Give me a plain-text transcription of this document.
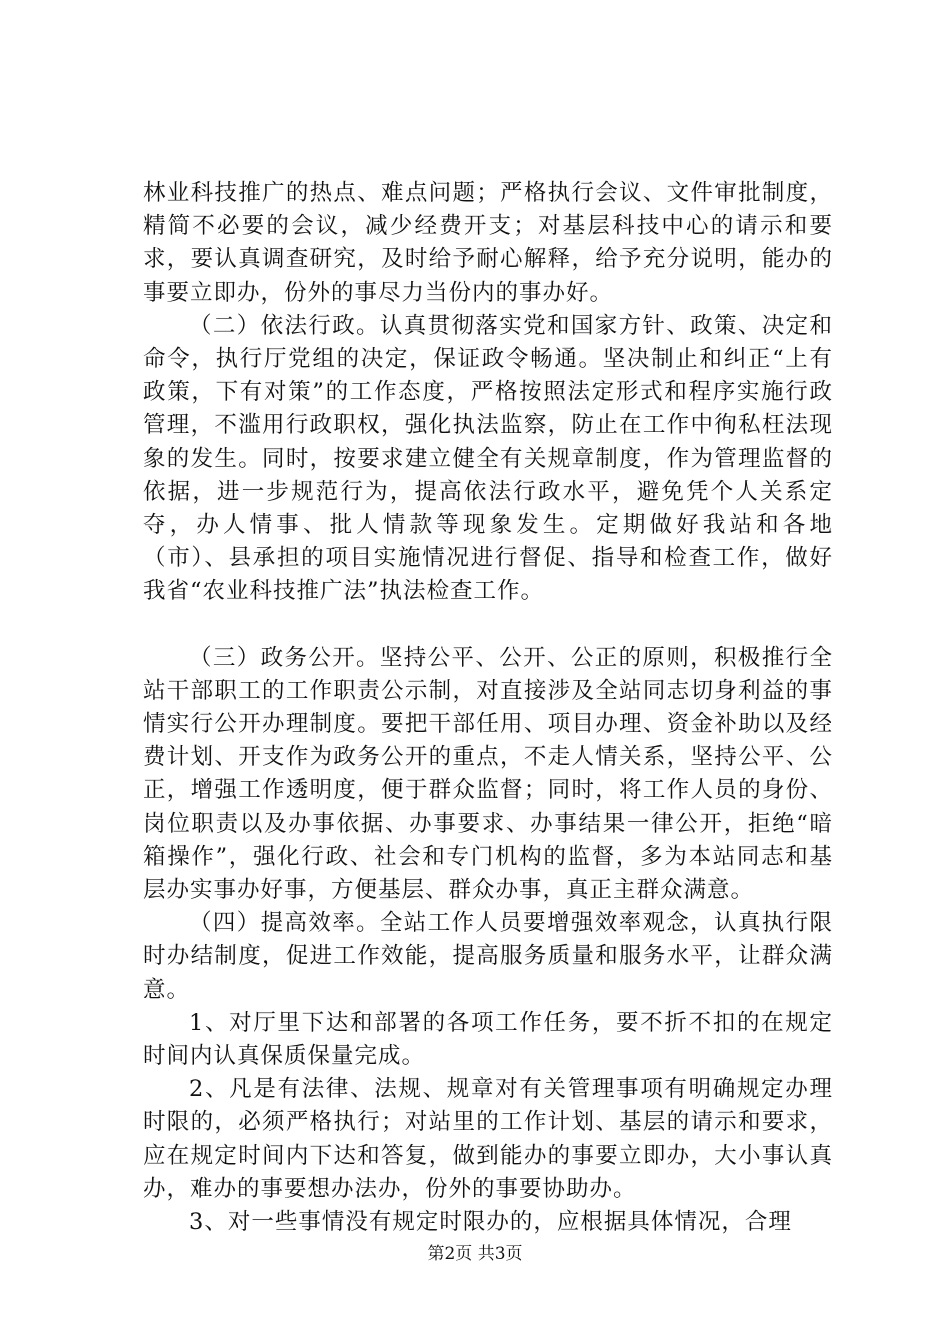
林业科技推广的热点、难点问题；严格执行会议、文件审批制度，精简不必要的会议，减少经费开支；对基层科技中心的请示和要求，要认真调查研究，及时给予耐心解释，给予充分说明，能办的事要立即办，份外的事尽力当份内的事办好。

（二）依法行政。认真贯彻落实党和国家方针、政策、决定和命令，执行厅党组的决定，保证政令畅通。坚决制止和纠正“上有政策，下有对策”的工作态度，严格按照法定形式和程序实施行政管理，不滥用行政职权，强化执法监察，防止在工作中徇私枉法现象的发生。同时，按要求建立健全有关规章制度，作为管理监督的依据，进一步规范行为，提高依法行政水平，避免凭个人关系定夺，办人情事、批人情款等现象发生。定期做好我站和各地（市）、县承担的项目实施情况进行督促、指导和检查工作，做好我省“农业科技推广法”执法检查工作。

（三）政务公开。坚持公平、公开、公正的原则，积极推行全站干部职工的工作职责公示制，对直接涉及全站同志切身利益的事情实行公开办理制度。要把干部任用、项目办理、资金补助以及经费计划、开支作为政务公开的重点，不走人情关系，坚持公平、公正，增强工作透明度，便于群众监督；同时，将工作人员的身份、岗位职责以及办事依据、办事要求、办事结果一律公开，拒绝“暗箱操作”，强化行政、社会和专门机构的监督，多为本站同志和基层办实事办好事，方便基层、群众办事，真正主群众满意。

（四）提高效率。全站工作人员要增强效率观念，认真执行限时办结制度，促进工作效能，提高服务质量和服务水平，让群众满意。

1、对厅里下达和部署的各项工作任务，要不折不扣的在规定时间内认真保质保量完成。

2、凡是有法律、法规、规章对有关管理事项有明确规定办理时限的，必须严格执行；对站里的工作计划、基层的请示和要求，应在规定时间内下达和答复，做到能办的事要立即办，大小事认真办，难办的事要想办法办，份外的事要协助办。

3、对一些事情没有规定时限办的，应根据具体情况，合理

第2页 共3页
